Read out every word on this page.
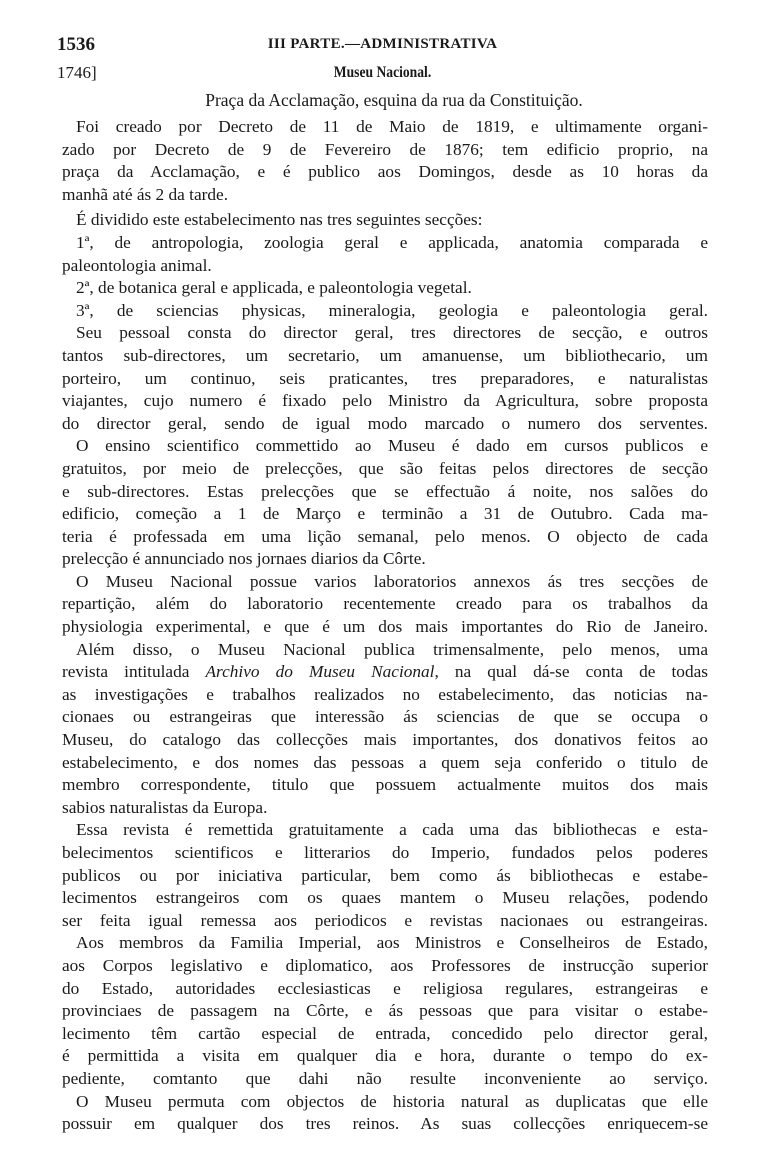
1536	III PARTE.—ADMINISTRATIVA
1746]	Museu Nacional.
Praça da Acclamação, esquina da rua da Constituição.
Foi creado por Decreto de 11 de Maio de 1819, e ultimamente organi-
zado por Decreto de 9 de Fevereiro de 1876; tem edificio proprio, na
praça da Acclamação, e é publico aos Domingos, desde as 10 horas da
manhã até ás 2 da tarde.
É dividido este estabelecimento nas tres seguintes secções:
1ª, de antropologia, zoologia geral e applicada, anatomia comparada e
paleontologia animal.
2ª, de botanica geral e applicada, e paleontologia vegetal.
3ª, de sciencias physicas, mineralogia, geologia e paleontologia geral.
Seu pessoal consta do director geral, tres directores de secção, e outros
tantos sub-directores, um secretario, um amanuense, um bibliothecario, um
porteiro, um continuo, seis praticantes, tres preparadores, e naturalistas
viajantes, cujo numero é fixado pelo Ministro da Agricultura, sobre proposta
do director geral, sendo de igual modo marcado o numero dos serventes.
O ensino scientifico commettido ao Museu é dado em cursos publicos e
gratuitos, por meio de prelecções, que são feitas pelos directores de secção
e sub-directores. Estas prelecções que se effectuão á noite, nos salões do
edificio, começão a 1 de Março e terminão a 31 de Outubro. Cada ma-
teria é professada em uma lição semanal, pelo menos. O objecto de cada
prelecção é annunciado nos jornaes diarios da Côrte.
O Museu Nacional possue varios laboratorios annexos ás tres secções de
repartição, além do laboratorio recentemente creado para os trabalhos da
physiologia experimental, e que é um dos mais importantes do Rio de Janeiro.
Além disso, o Museu Nacional publica trimensalmente, pelo menos, uma
revista intitulada Archivo do Museu Nacional, na qual dá-se conta de todas
as investigações e trabalhos realizados no estabelecimento, das noticias na-
cionaes ou estrangeiras que interessão ás sciencias de que se occupa o
Museu, do catalogo das collecções mais importantes, dos donativos feitos ao
estabelecimento, e dos nomes das pessoas a quem seja conferido o titulo de
membro correspondente, titulo que possuem actualmente muitos dos mais
sabios naturalistas da Europa.
Essa revista é remettida gratuitamente a cada uma das bibliothecas e esta-
belecimentos scientificos e litterarios do Imperio, fundados pelos poderes
publicos ou por iniciativa particular, bem como ás bibliothecas e estabe-
lecimentos estrangeiros com os quaes mantem o Museu relações, podendo
ser feita igual remessa aos periodicos e revistas nacionaes ou estrangeiras.
Aos membros da Familia Imperial, aos Ministros e Conselheiros de Estado,
aos Corpos legislativo e diplomatico, aos Professores de instrucção superior
do Estado, autoridades ecclesiasticas e religiosa regulares, estrangeiras e
provinciaes de passagem na Côrte, e ás pessoas que para visitar o estabe-
lecimento têm cartão especial de entrada, concedido pelo director geral,
é permittida a visita em qualquer dia e hora, durante o tempo do ex-
pediente, comtanto que dahi não resulte inconveniente ao serviço.
O Museu permuta com objectos de historia natural as duplicatas que elle
possuir em qualquer dos tres reinos. As suas collecções enriquecem-se
